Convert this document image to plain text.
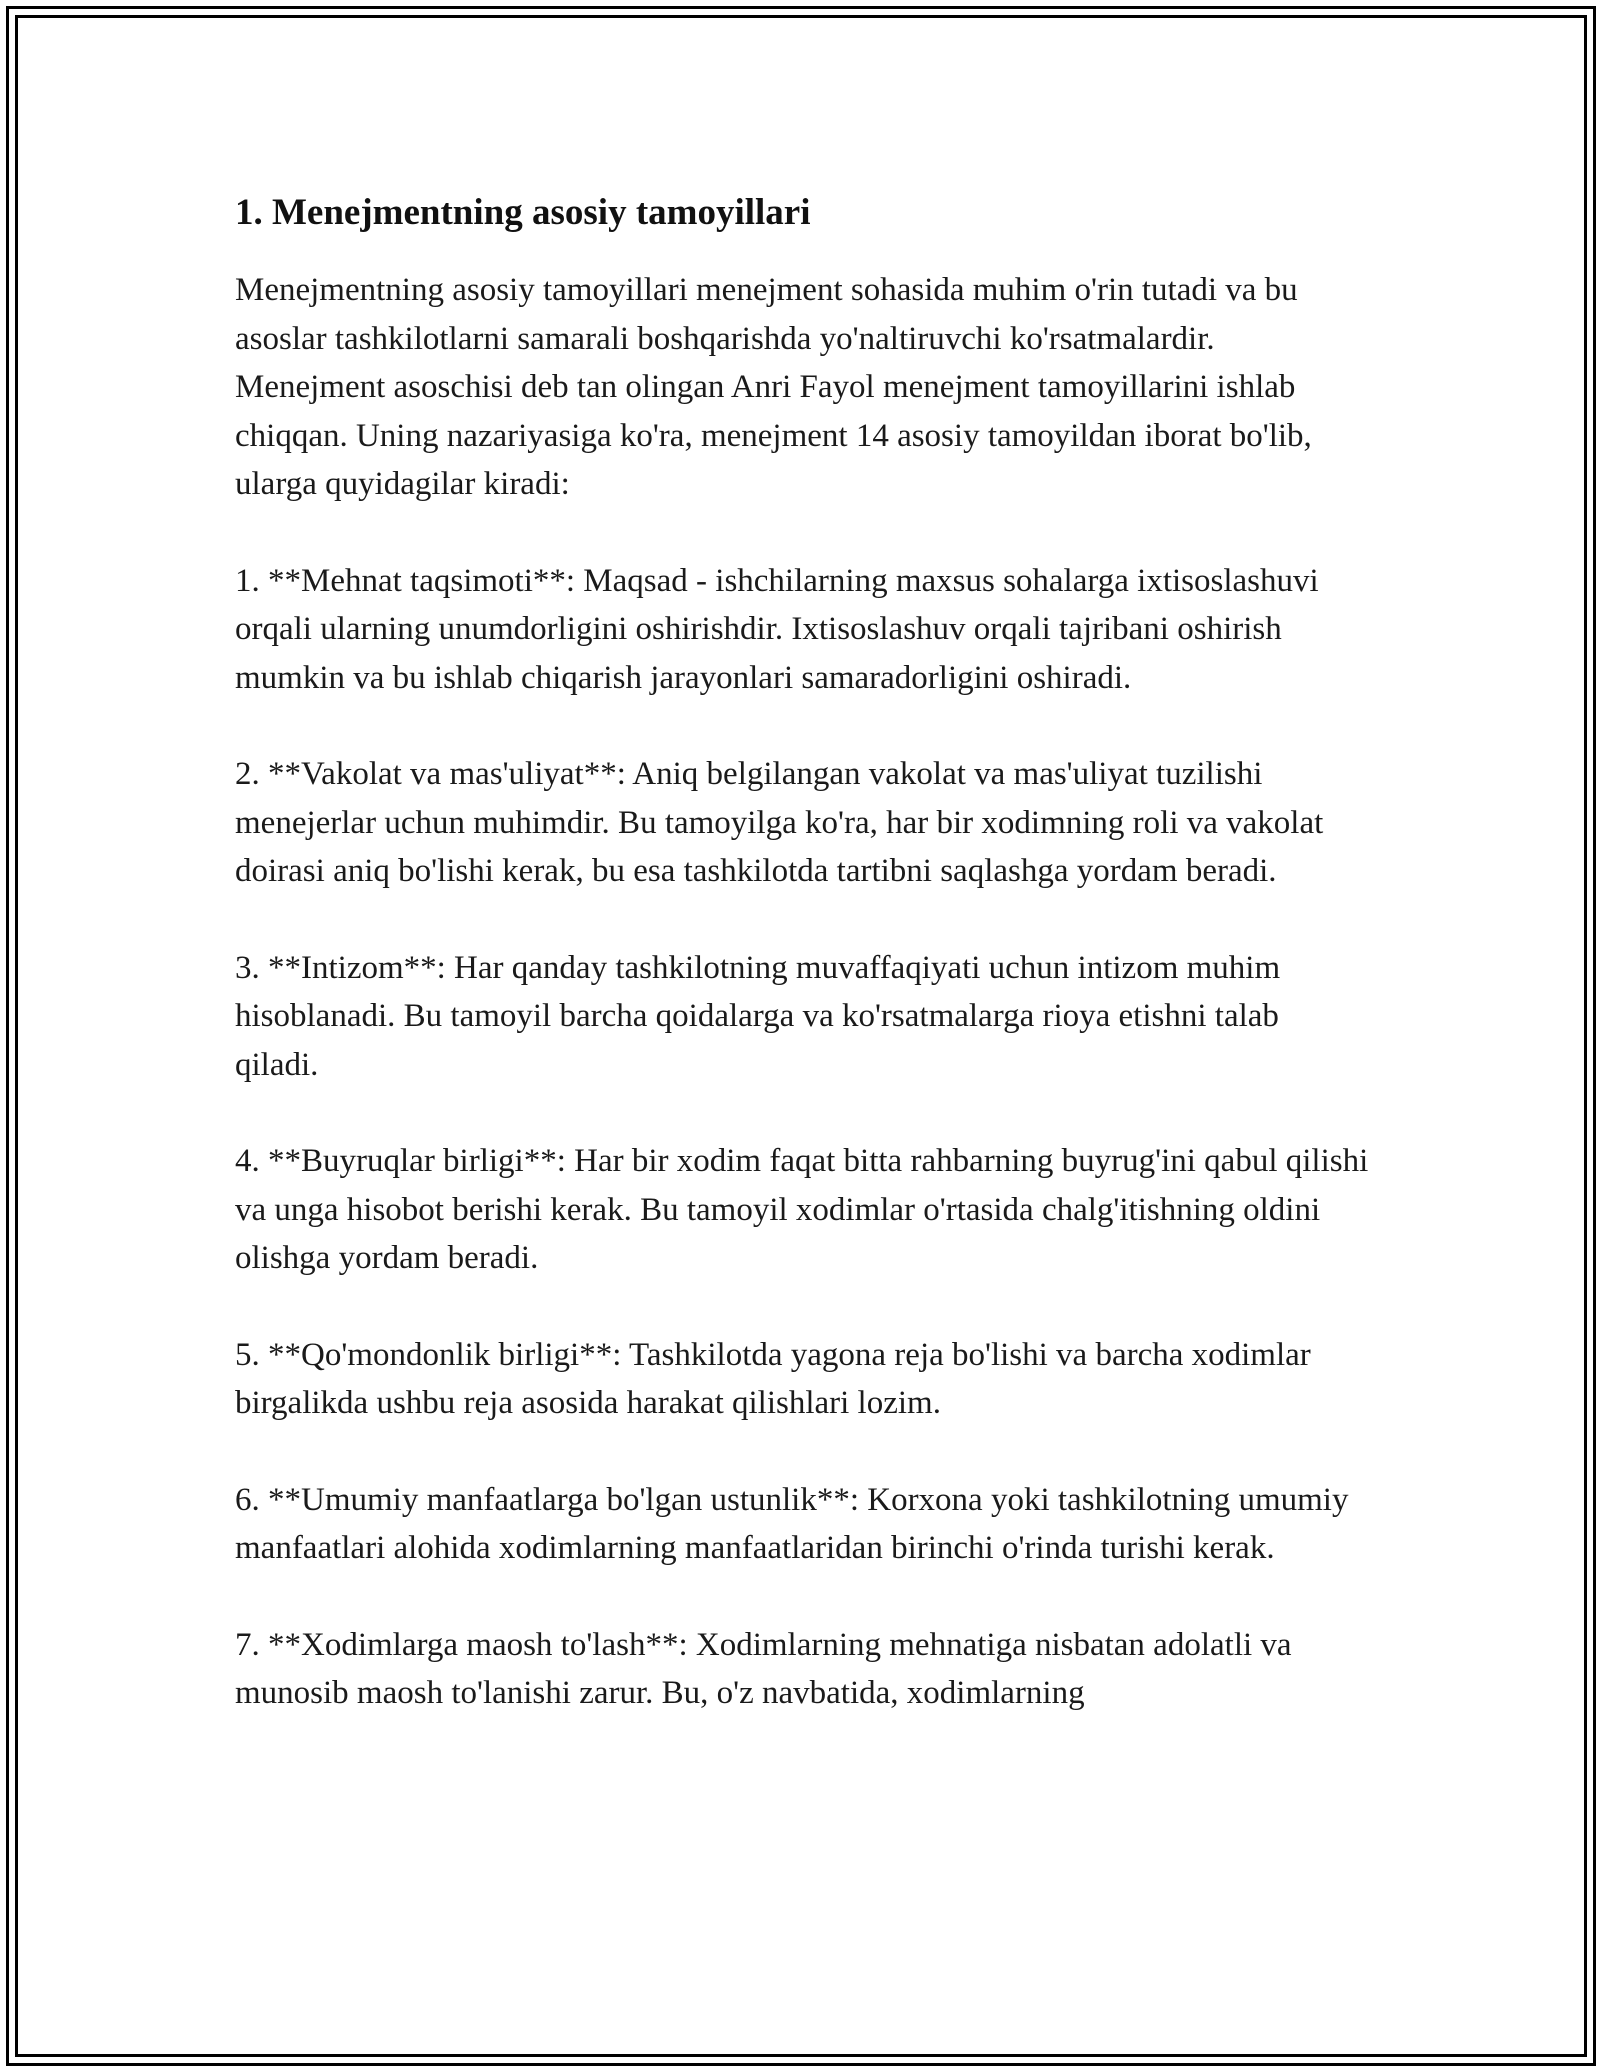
1. Menejmentning asosiy tamoyillari

Menejmentning asosiy tamoyillari menejment sohasida muhim o'rin tutadi va bu asoslar tashkilotlarni samarali boshqarishda yo'naltiruvchi ko'rsatmalardir. Menejment asoschisi deb tan olingan Anri Fayol menejment tamoyillarini ishlab chiqqan. Uning nazariyasiga ko'ra, menejment 14 asosiy tamoyildan iborat bo'lib, ularga quyidagilar kiradi:

1. **Mehnat taqsimoti**: Maqsad - ishchilarning maxsus sohalarga ixtisoslashuvi orqali ularning unumdorligini oshirishdir. Ixtisoslashuv orqali tajribani oshirish mumkin va bu ishlab chiqarish jarayonlari samaradorligini oshiradi.

2. **Vakolat va mas'uliyat**: Aniq belgilangan vakolat va mas'uliyat tuzilishi menejerlar uchun muhimdir. Bu tamoyilga ko'ra, har bir xodimning roli va vakolat doirasi aniq bo'lishi kerak, bu esa tashkilotda tartibni saqlashga yordam beradi.

3. **Intizom**: Har qanday tashkilotning muvaffaqiyati uchun intizom muhim hisoblanadi. Bu tamoyil barcha qoidalarga va ko'rsatmalarga rioya etishni talab qiladi.

4. **Buyruqlar birligi**: Har bir xodim faqat bitta rahbarning buyrug'ini qabul qilishi va unga hisobot berishi kerak. Bu tamoyil xodimlar o'rtasida chalg'itishning oldini olishga yordam beradi.

5. **Qo'mondonlik birligi**: Tashkilotda yagona reja bo'lishi va barcha xodimlar birgalikda ushbu reja asosida harakat qilishlari lozim.

6. **Umumiy manfaatlarga bo'lgan ustunlik**: Korxona yoki tashkilotning umumiy manfaatlari alohida xodimlarning manfaatlaridan birinchi o'rinda turishi kerak.

7. **Xodimlarga maosh to'lash**: Xodimlarning mehnatiga nisbatan adolatli va munosib maosh to'lanishi zarur. Bu, o'z navbatida, xodimlarning
